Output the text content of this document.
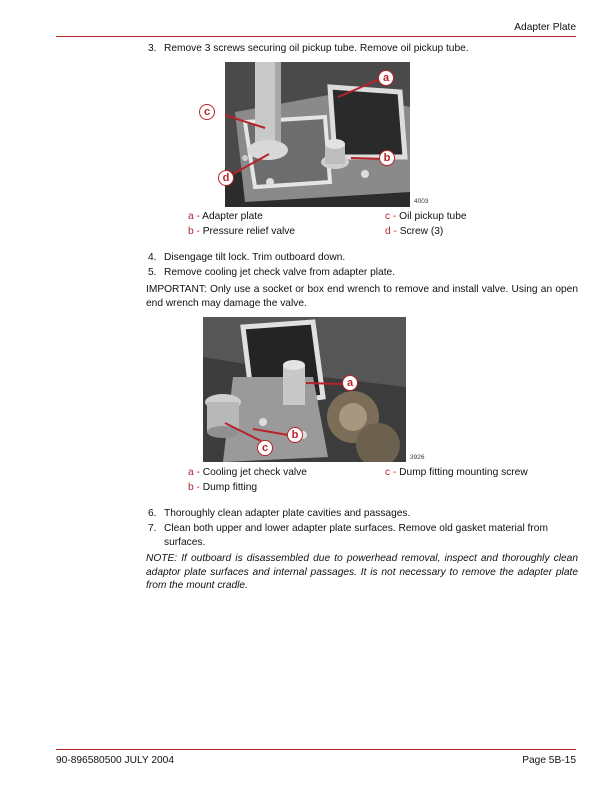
Adapter Plate
3. Remove 3 screws securing oil pickup tube. Remove oil pickup tube.
a
b
c
d
4003
a - Adapter plate
b - Pressure relief valve
c - Oil pickup tube
d - Screw (3)
4. Disengage tilt lock. Trim outboard down.
5. Remove cooling jet check valve from adapter plate.
IMPORTANT: Only use a socket or box end wrench to remove and install valve. Using an open end wrench may damage the valve.
a
b
c
3926
a - Cooling jet check valve
b - Dump fitting
c - Dump fitting mounting screw
6. Thoroughly clean adapter plate cavities and passages.
7. Clean both upper and lower adapter plate surfaces. Remove old gasket material from surfaces.
NOTE: If outboard is disassembled due to powerhead removal, inspect and thoroughly clean adaptor plate surfaces and internal passages. It is not necessary to remove the adapter plate from the mount cradle.
90-896580500 JULY 2004	Page 5B-15
